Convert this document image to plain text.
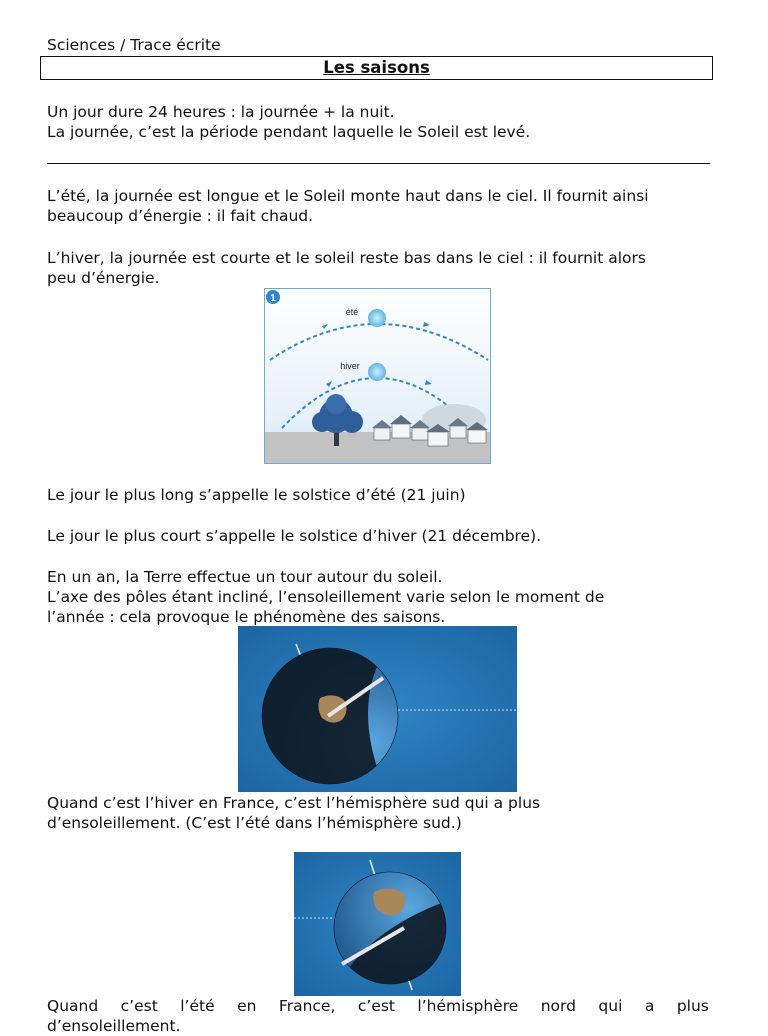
Sciences / Trace écrite

Les saisons

Un jour dure 24 heures : la journée + la nuit.

La journée, c’est la période pendant laquelle le Soleil est levé.

L’été, la journée est longue et le Soleil monte haut dans le ciel. Il fournit ainsi

beaucoup d’énergie : il fait chaud.

L’hiver, la journée est courte et le soleil reste bas dans le ciel : il fournit alors

peu d’énergie.

1
été
hiver

Le jour le plus long s’appelle le solstice d’été (21 juin)

Le jour le plus court s’appelle le solstice d’hiver (21 décembre).

En un an, la Terre effectue un tour autour du soleil.

L’axe des pôles étant incliné, l’ensoleillement varie selon le moment de

l’année : cela provoque le phénomène des saisons.

Quand c’est l’hiver en France, c’est l’hémisphère sud qui a plus

d’ensoleillement. (C’est l’été dans l’hémisphère sud.)

Quand c’est l’été en France, c’est l’hémisphère nord qui a plus

d’ensoleillement.
